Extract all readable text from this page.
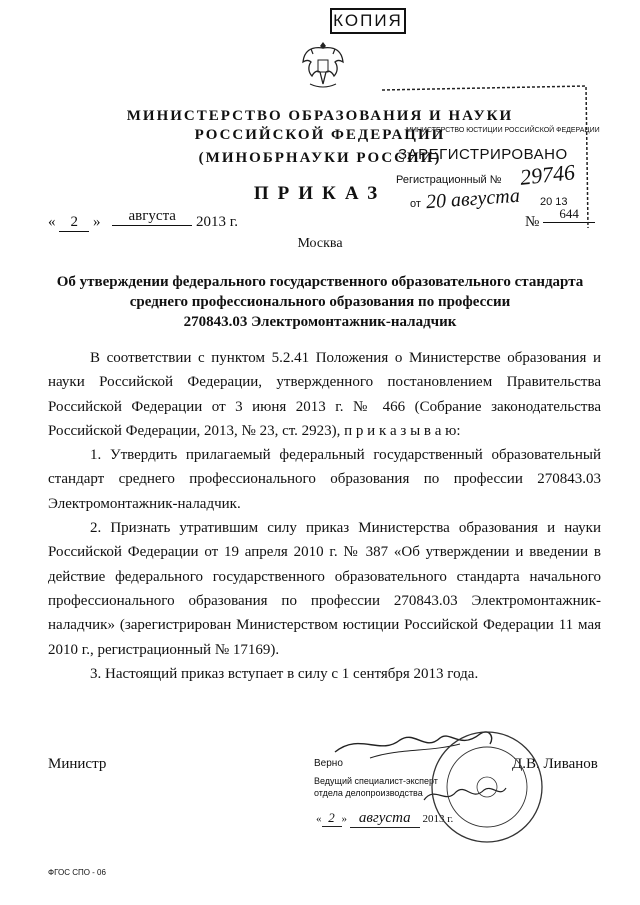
КОПИЯ
МИНИСТЕРСТВО ОБРАЗОВАНИЯ И НАУКИ
РОССИЙСКОЙ ФЕДЕРАЦИИ
(МИНОБРНАУКИ РОССИИ)
ПРИКАЗ
« 2 » августа 2013 г.	№ 644
Москва
МИНИСТЕРСТВО ЮСТИЦИИ РОССИЙСКОЙ ФЕДЕРАЦИИ
ЗАРЕГИСТРИРОВАНО
Регистрационный № 29746
от 20 августа 20 13
Об утверждении федерального государственного образовательного стандарта
среднего профессионального образования по профессии
270843.03 Электромонтажник-наладчик

В соответствии с пунктом 5.2.41 Положения о Министерстве образования и науки Российской Федерации, утвержденного постановлением Правительства Российской Федерации от 3 июня 2013 г. № 466 (Собрание законодательства Российской Федерации, 2013, № 23, ст. 2923), п р и к а з ы в а ю:

1. Утвердить прилагаемый федеральный государственный образовательный стандарт среднего профессионального образования по профессии 270843.03 Электромонтажник-наладчик.

2. Признать утратившим силу приказ Министерства образования и науки Российской Федерации от 19 апреля 2010 г. № 387 «Об утверждении и введении в действие федерального государственного образовательного стандарта начального профессионального образования по профессии 270843.03 Электромонтажник-наладчик» (зарегистрирован Министерством юстиции Российской Федерации 11 мая 2010 г., регистрационный № 17169).

3. Настоящий приказ вступает в силу с 1 сентября 2013 года.

Министр	Д.В. Ливанов
Верно
Ведущий специалист-эксперт
отдела делопроизводства
« 2 » августа 2013 г.
ФГОС СПО - 06
